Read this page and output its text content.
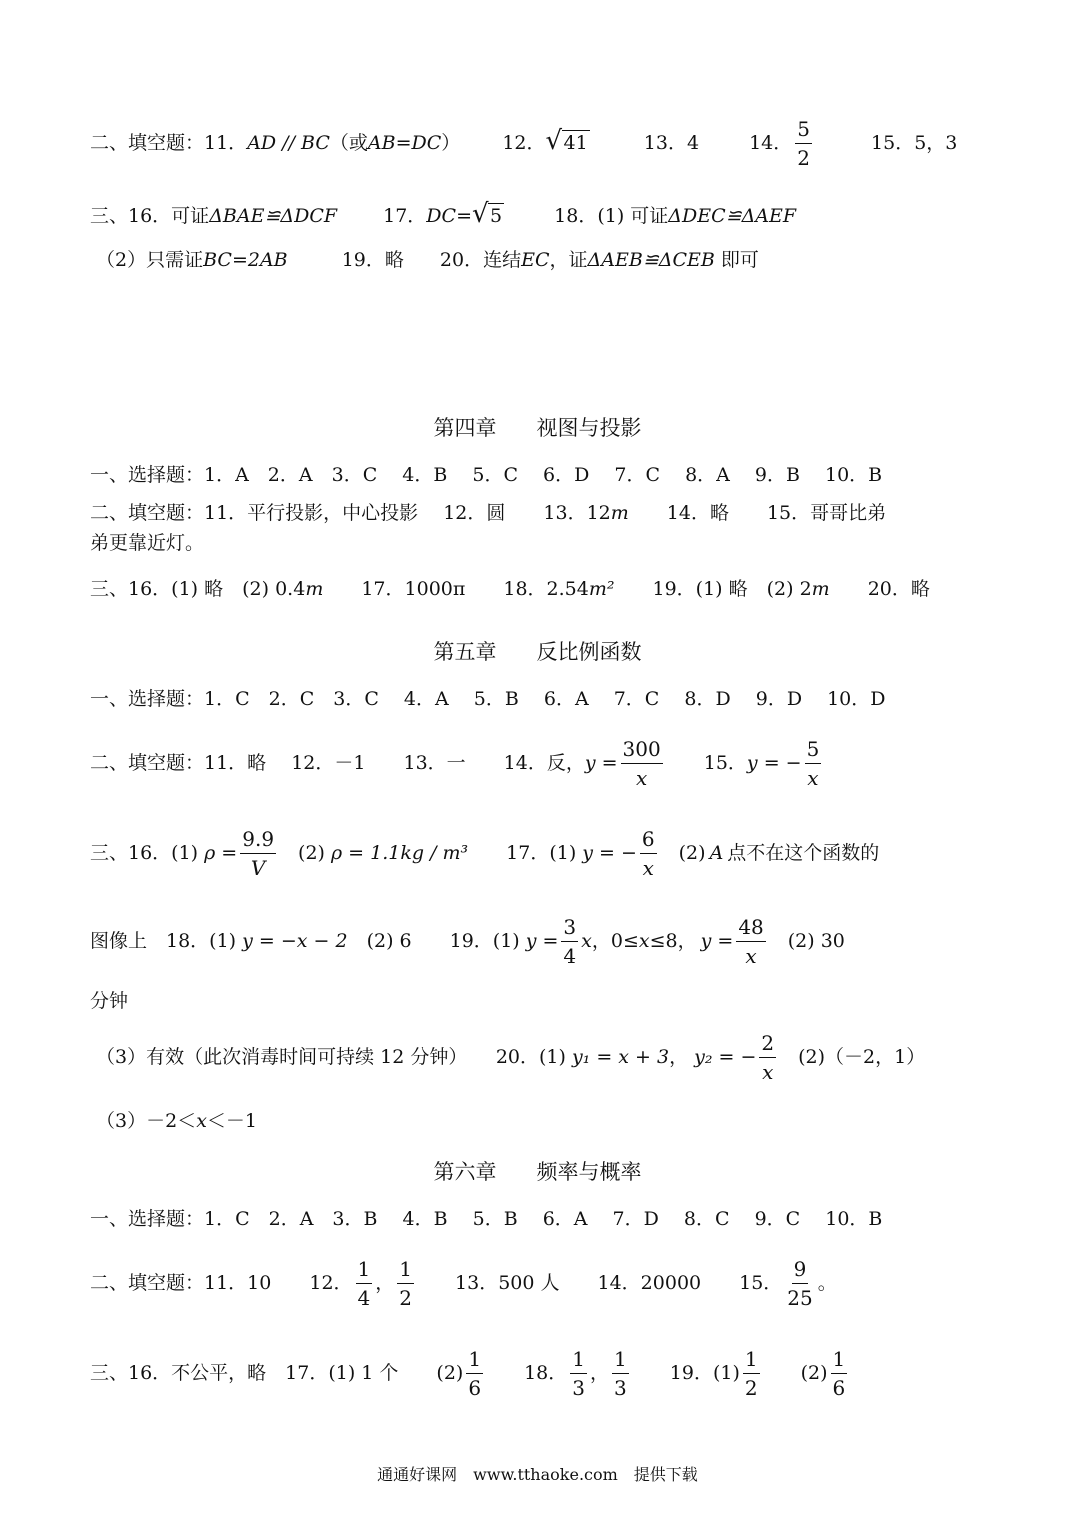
二、填空题：11．AD // BC（或AB=DC） 12． √ 41	13．4	14． $\frac{5}{2}$	15．5，3
三、16．可证ΔBAE≌ΔDCF 17．DC= √ 5	18．(1) 可证ΔDEC≌ΔAEF
（2）只需证BC=2AB	19．略 20．连结EC，证ΔAEB≌ΔCEB 即可
第四章 视图与投影
一、选择题：1．A　2．A　3．C　 4．B　 5．C　 6．D　 7．C　 8．A　 9．B　 10．B
二、填空题：11．平行投影，中心投影　 12．圆　　13．12m　　14．略　　15．哥哥比弟
弟更靠近灯。
三、16．(1) 略　(2) 0.4m　　17．1000π　　18．2.54m²　　19．(1) 略　(2) 2m　　20．略
第五章 反比例函数
一、选择题：1．C　2．C　3．C　 4．A　 5．B　 6．A　 7．C　 8．D　 9．D　 10．D
二、填空题：11．略　 12．－1　　13．一　　14．反，$y = \frac{300}{x}$ 　　15．y = − $\frac{5}{x}$
三、16．(1) $\rho = \frac{9.9}{V}$ 　(2) ρ = 1.1kg / m³　　17．(1) y = − $\frac{6}{x}$ 　(2) A 点不在这个函数的
图像上　18．(1) y = −x − 2　(2) 6　　19．(1) $y = \frac{3}{4}$ x，0≤x≤8， $y = \frac{48}{x}$ 　(2) 30
分钟
（3）有效（此次消毒时间可持续 12 分钟）　　20．(1) y₁ = x + 3， y₂ = − $\frac{2}{x}$ 　(2)（－2，1）
（3）－2＜x＜－1
第六章 频率与概率
一、选择题：1．C　2．A　3．B　 4．B　 5．B　 6．A　 7．D　 8．C　 9．C　 10．B
二、填空题：11．10　　12． $\frac{1}{4}$ ， $\frac{1}{2}$ 　　13．500 人　　14．20000　　15． $\frac{9}{25}$ 。
三、16．不公平，略　17．(1) 1 个　　$(2) \frac{1}{6}$ 　　18． $\frac{1}{3}$ ， $\frac{1}{3}$ 　　19．$(1) \frac{1}{2}$ 　　$(2) \frac{1}{6}$
通通好课网　www.tthaoke.com　提供下载
